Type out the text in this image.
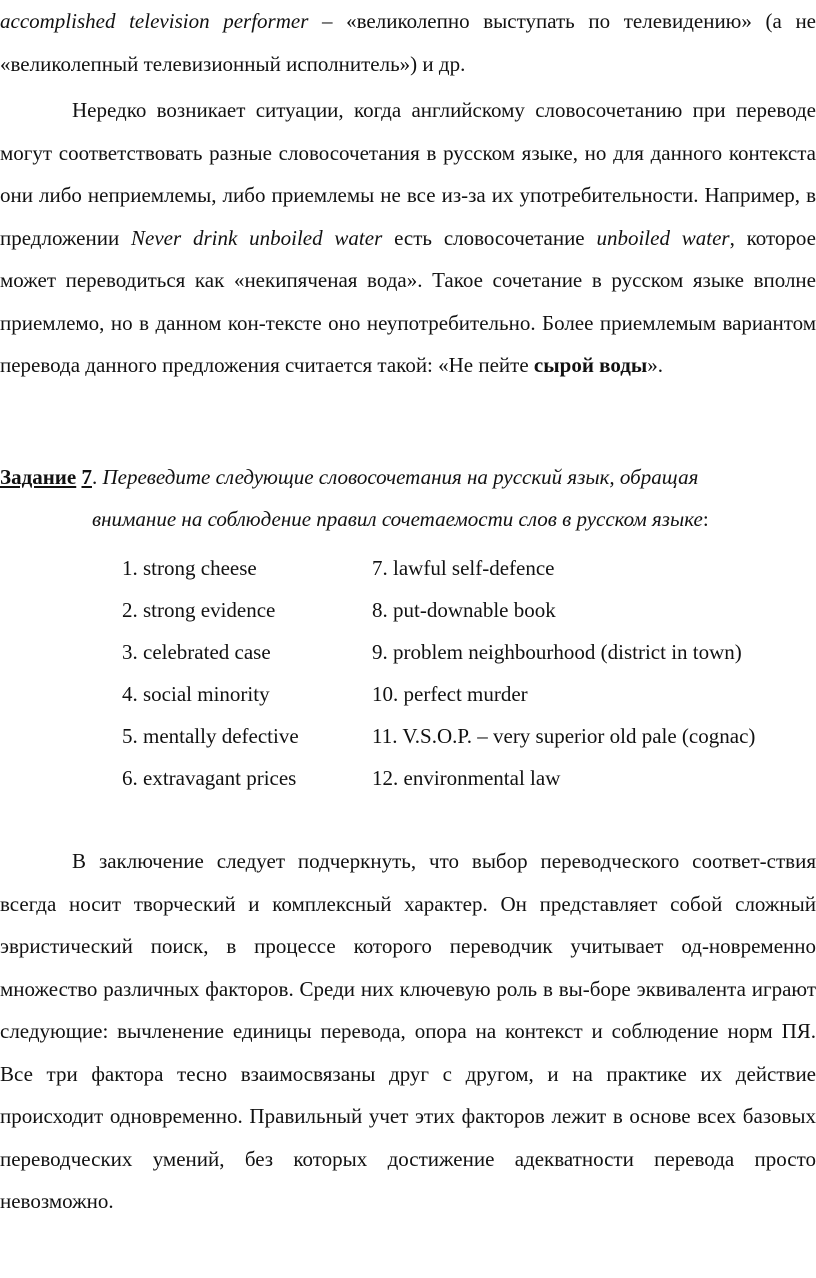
accomplished television performer – «великолепно выступать по телевидению» (а не «великолепный телевизионный исполнитель») и др.

Нередко возникает ситуации, когда английскому словосочетанию при переводе могут соответствовать разные словосочетания в русском языке, но для данного контекста они либо неприемлемы, либо приемлемы не все из-за их употребительности. Например, в предложении Never drink unboiled water есть словосочетание unboiled water, которое может переводиться как «некипяченая вода». Такое сочетание в русском языке вполне приемлемо, но в данном кон-тексте оно неупотребительно. Более приемлемым вариантом перевода данного предложения считается такой: «Не пейте сырой воды».

Задание 7. Переведите следующие словосочетания на русский язык, обращая
внимание на соблюдение правил сочетаемости слов в русском языке:
1. strong cheese	7. lawful self-defence
2. strong evidence	8. put-downable book
3. celebrated case	9. problem neighbourhood (district in town)
4. social minority	10. perfect murder
5. mentally defective	11. V.S.O.P. – very superior old pale (cognac)
6. extravagant prices	12. environmental law

В заключение следует подчеркнуть, что выбор переводческого соответ-ствия всегда носит творческий и комплексный характер. Он представляет собой сложный эвристический поиск, в процессе которого переводчик учитывает од-новременно множество различных факторов. Среди них ключевую роль в вы-боре эквивалента играют следующие: вычленение единицы перевода, опора на контекст и соблюдение норм ПЯ. Все три фактора тесно взаимосвязаны друг с другом, и на практике их действие происходит одновременно. Правильный учет этих факторов лежит в основе всех базовых переводческих умений, без которых достижение адекватности перевода просто невозможно.
